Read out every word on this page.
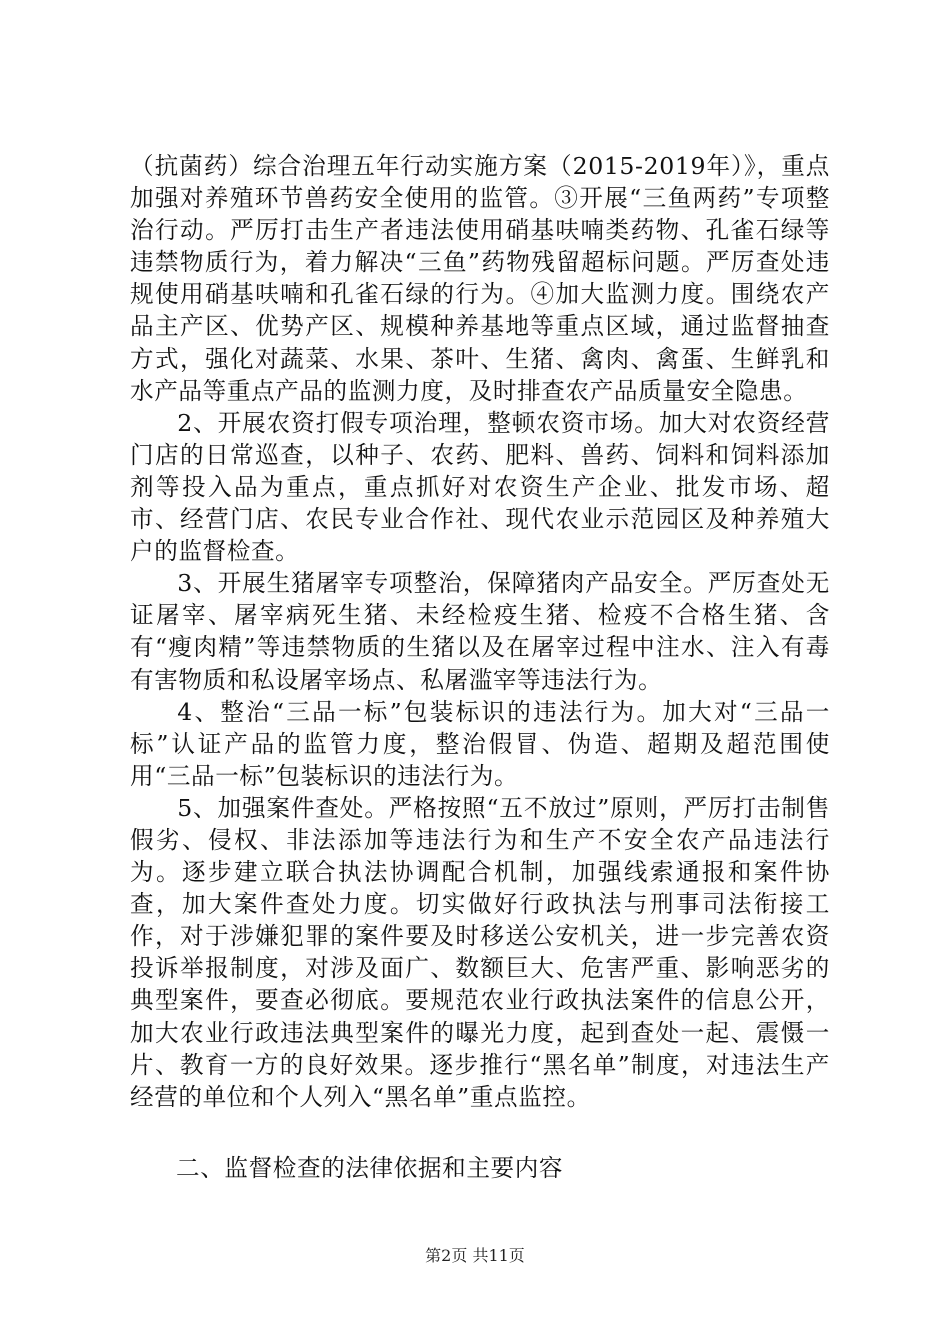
（抗菌药）综合治理五年行动实施方案（2015-2019年）》，重点加强对养殖环节兽药安全使用的监管。③开展“三鱼两药”专项整治行动。严厉打击生产者违法使用硝基呋喃类药物、孔雀石绿等违禁物质行为，着力解决“三鱼”药物残留超标问题。严厉查处违规使用硝基呋喃和孔雀石绿的行为。④加大监测力度。围绕农产品主产区、优势产区、规模种养基地等重点区域，通过监督抽查方式，强化对蔬菜、水果、茶叶、生猪、禽肉、禽蛋、生鲜乳和水产品等重点产品的监测力度，及时排查农产品质量安全隐患。

2、开展农资打假专项治理，整顿农资市场。加大对农资经营门店的日常巡查，以种子、农药、肥料、兽药、饲料和饲料添加剂等投入品为重点，重点抓好对农资生产企业、批发市场、超市、经营门店、农民专业合作社、现代农业示范园区及种养殖大户的监督检查。

3、开展生猪屠宰专项整治，保障猪肉产品安全。严厉查处无证屠宰、屠宰病死生猪、未经检疫生猪、检疫不合格生猪、含有“瘦肉精”等违禁物质的生猪以及在屠宰过程中注水、注入有毒有害物质和私设屠宰场点、私屠滥宰等违法行为。

4、整治“三品一标”包装标识的违法行为。加大对“三品一标”认证产品的监管力度，整治假冒、伪造、超期及超范围使用“三品一标”包装标识的违法行为。

5、加强案件查处。严格按照“五不放过”原则，严厉打击制售假劣、侵权、非法添加等违法行为和生产不安全农产品违法行为。逐步建立联合执法协调配合机制，加强线索通报和案件协查，加大案件查处力度。切实做好行政执法与刑事司法衔接工作，对于涉嫌犯罪的案件要及时移送公安机关，进一步完善农资投诉举报制度，对涉及面广、数额巨大、危害严重、影响恶劣的典型案件，要查必彻底。要规范农业行政执法案件的信息公开，加大农业行政违法典型案件的曝光力度，起到查处一起、震慑一片、教育一方的良好效果。逐步推行“黑名单”制度，对违法生产经营的单位和个人列入“黑名单”重点监控。

二、监督检查的法律依据和主要内容
第2页 共11页
